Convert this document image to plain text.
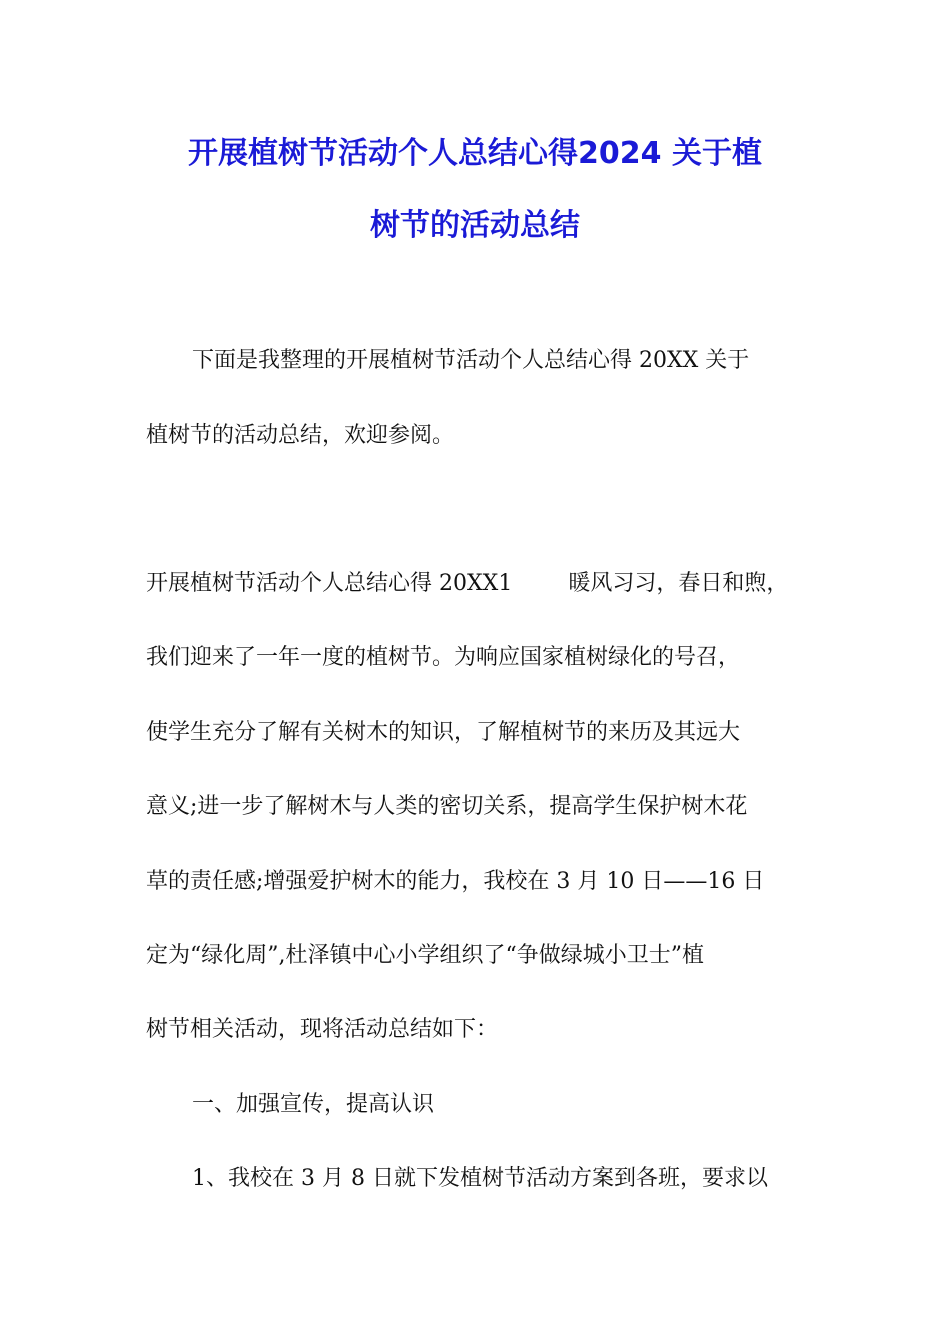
开展植树节活动个人总结心得2024 关于植
树节的活动总结
下面是我整理的开展植树节活动个人总结心得 20XX 关于
植树节的活动总结，欢迎参阅。
开展植树节活动个人总结心得 20XX1	暖风习习，春日和煦，
我们迎来了一年一度的植树节。为响应国家植树绿化的号召，
使学生充分了解有关树木的知识，了解植树节的来历及其远大
意义;进一步了解树木与人类的密切关系，提高学生保护树木花
草的责任感;增强爱护树木的能力，我校在 3 月 10 日——16 日
定为“绿化周”,杜泽镇中心小学组织了“争做绿城小卫士”植
树节相关活动，现将活动总结如下：
一、加强宣传，提高认识
1、我校在 3 月 8 日就下发植树节活动方案到各班，要求以
